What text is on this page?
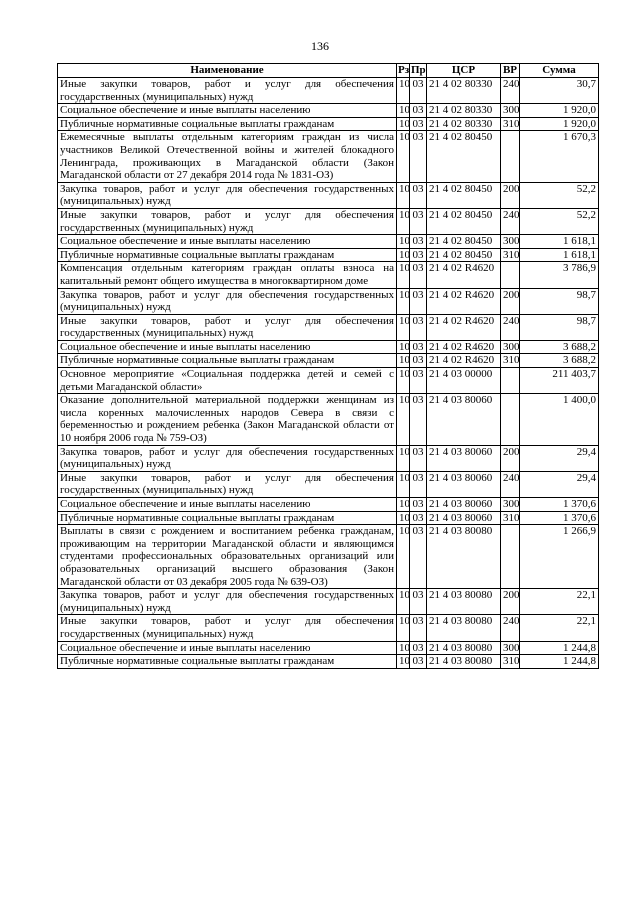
136
Наименование	Рз	Пр	ЦСР	ВР	Сумма
Иные закупки товаров, работ и услуг для обеспечения государственных (муниципальных) нужд	10	03	21 4 02 80330	240	30,7
Социальное обеспечение и иные выплаты населению	10	03	21 4 02 80330	300	1 920,0
Публичные нормативные социальные выплаты гражданам	10	03	21 4 02 80330	310	1 920,0
Ежемесячные выплаты отдельным категориям граждан из числа участников Великой Отечественной войны и жителей блокадного Ленинграда, проживающих в Магаданской области (Закон Магаданской области от 27 декабря 2014 года № 1831-ОЗ)	10	03	21 4 02 80450		1 670,3
Закупка товаров, работ и услуг для обеспечения государственных (муниципальных) нужд	10	03	21 4 02 80450	200	52,2
Иные закупки товаров, работ и услуг для обеспечения государственных (муниципальных) нужд	10	03	21 4 02 80450	240	52,2
Социальное обеспечение и иные выплаты населению	10	03	21 4 02 80450	300	1 618,1
Публичные нормативные социальные выплаты гражданам	10	03	21 4 02 80450	310	1 618,1
Компенсация отдельным категориям граждан оплаты взноса на капитальный ремонт общего имущества в многоквартирном доме	10	03	21 4 02 R4620		3 786,9
Закупка товаров, работ и услуг для обеспечения государственных (муниципальных) нужд	10	03	21 4 02 R4620	200	98,7
Иные закупки товаров, работ и услуг для обеспечения государственных (муниципальных) нужд	10	03	21 4 02 R4620	240	98,7
Социальное обеспечение и иные выплаты населению	10	03	21 4 02 R4620	300	3 688,2
Публичные нормативные социальные выплаты гражданам	10	03	21 4 02 R4620	310	3 688,2
Основное мероприятие «Социальная поддержка детей и семей с детьми Магаданской области»	10	03	21 4 03 00000		211 403,7
Оказание дополнительной материальной поддержки женщинам из числа коренных малочисленных народов Севера в связи с беременностью и рождением ребенка (Закон Магаданской области от 10 ноября 2006 года № 759-ОЗ)	10	03	21 4 03 80060		1 400,0
Закупка товаров, работ и услуг для обеспечения государственных (муниципальных) нужд	10	03	21 4 03 80060	200	29,4
Иные закупки товаров, работ и услуг для обеспечения государственных (муниципальных) нужд	10	03	21 4 03 80060	240	29,4
Социальное обеспечение и иные выплаты населению	10	03	21 4 03 80060	300	1 370,6
Публичные нормативные социальные выплаты гражданам	10	03	21 4 03 80060	310	1 370,6
Выплаты в связи с рождением и воспитанием ребенка гражданам, проживающим на территории Магаданской области и являющимся студентами профессиональных образовательных организаций или образовательных организаций высшего образования (Закон Магаданской области от 03 декабря 2005 года № 639-ОЗ)	10	03	21 4 03 80080		1 266,9
Закупка товаров, работ и услуг для обеспечения государственных (муниципальных) нужд	10	03	21 4 03 80080	200	22,1
Иные закупки товаров, работ и услуг для обеспечения государственных (муниципальных) нужд	10	03	21 4 03 80080	240	22,1
Социальное обеспечение и иные выплаты населению	10	03	21 4 03 80080	300	1 244,8
Публичные нормативные социальные выплаты гражданам	10	03	21 4 03 80080	310	1 244,8
